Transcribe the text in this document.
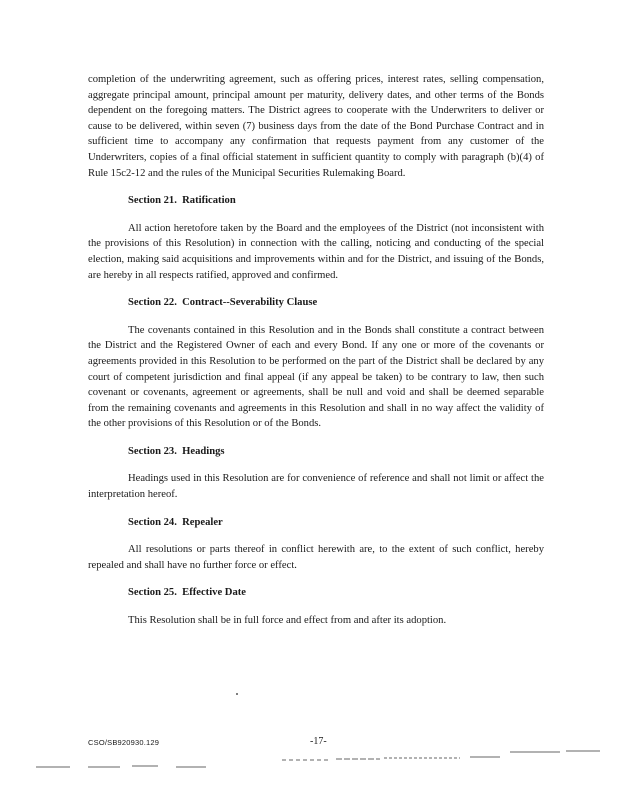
completion of the underwriting agreement, such as offering prices, interest rates, selling compensation, aggregate principal amount, principal amount per maturity, delivery dates, and other terms of the Bonds dependent on the foregoing matters. The District agrees to cooperate with the Underwriters to deliver or cause to be delivered, within seven (7) business days from the date of the Bond Purchase Contract and in sufficient time to accompany any confirmation that requests payment from any customer of the Underwriters, copies of a final official statement in sufficient quantity to comply with paragraph (b)(4) of Rule 15c2-12 and the rules of the Municipal Securities Rulemaking Board.

Section 21. Ratification

All action heretofore taken by the Board and the employees of the District (not inconsistent with the provisions of this Resolution) in connection with the calling, noticing and conducting of the special election, making said acquisitions and improvements within and for the District, and issuing of the Bonds, are hereby in all respects ratified, approved and confirmed.

Section 22. Contract--Severability Clause

The covenants contained in this Resolution and in the Bonds shall constitute a contract between the District and the Registered Owner of each and every Bond. If any one or more of the covenants or agreements provided in this Resolution to be performed on the part of the District shall be declared by any court of competent jurisdiction and final appeal (if any appeal be taken) to be contrary to law, then such covenant or covenants, agreement or agreements, shall be null and void and shall be deemed separable from the remaining covenants and agreements in this Resolution and shall in no way affect the validity of the other provisions of this Resolution or of the Bonds.

Section 23. Headings

Headings used in this Resolution are for convenience of reference and shall not limit or affect the interpretation hereof.

Section 24. Repealer

All resolutions or parts thereof in conflict herewith are, to the extent of such conflict, hereby repealed and shall have no further force or effect.

Section 25. Effective Date

This Resolution shall be in full force and effect from and after its adoption.

CSO/SB920930.129	-17-
